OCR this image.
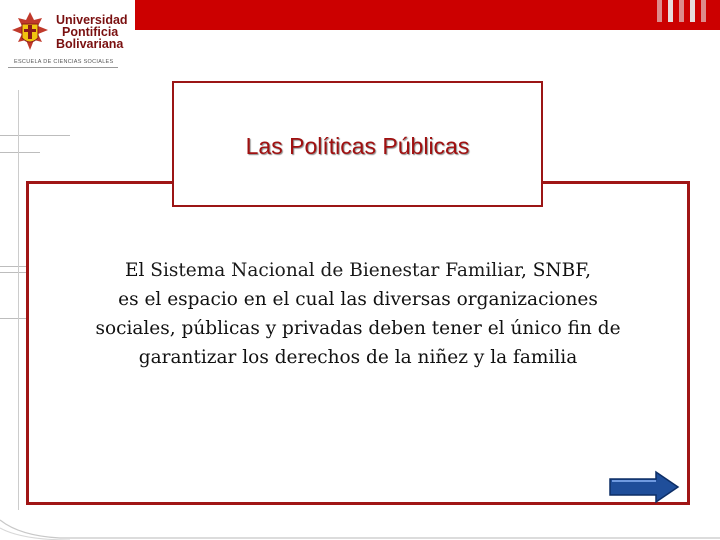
Universidad
Pontificia
Bolivariana
ESCUELA DE CIENCIAS SOCIALES
El Sistema Nacional de Bienestar Familiar, SNBF,
es el espacio en el cual las diversas organizaciones
sociales, públicas y privadas deben tener el único fin de
garantizar los derechos de la niñez y la familia
Las Políticas Públicas
